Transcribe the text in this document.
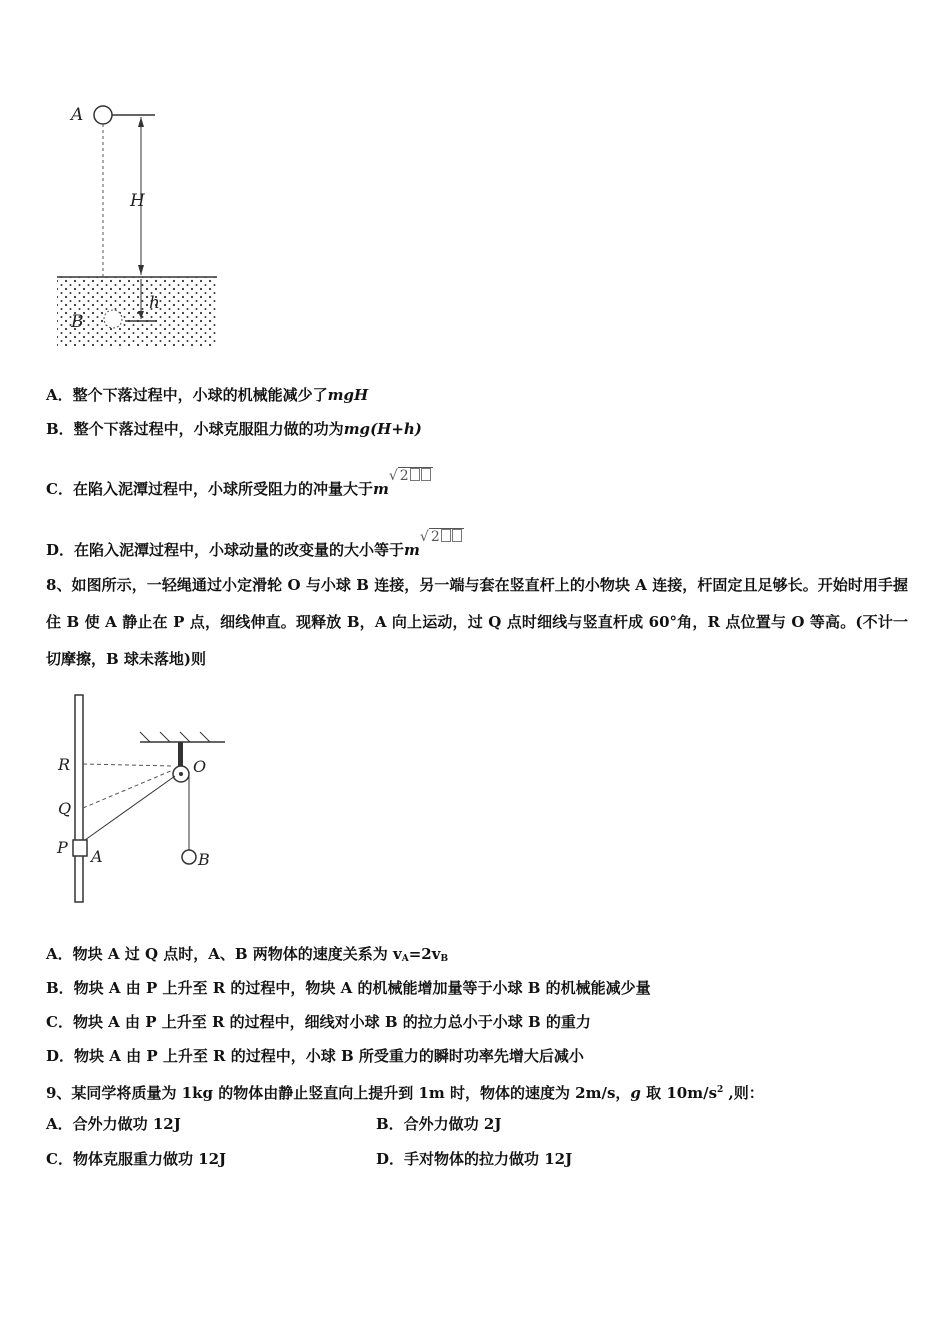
A
H
h
B
A．整个下落过程中，小球的机械能减少了mgH
B．整个下落过程中，小球克服阻力做的功为mg(H+h)
C．在陷入泥潭过程中，小球所受阻力的冲量大于m√ 2
D．在陷入泥潭过程中，小球动量的改变量的大小等于m√ 2
8、如图所示，一轻绳通过小定滑轮 O 与小球 B 连接，另一端与套在竖直杆上的小物块 A 连接，杆固定且足够长。开始时用手握住 B 使 A 静止在 P 点，细线伸直。现释放 B，A 向上运动，过 Q 点时细线与竖直杆成 60°角，R 点位置与 O 等高。(不计一切摩擦，B 球未落地)则
R
Q
P A
O
B
A．物块 A 过 Q 点时，A、B 两物体的速度关系为 $v_A=2v_B$
B．物块 A 由 P 上升至 R 的过程中，物块 A 的机械能增加量等于小球 B 的机械能减少量
C．物块 A 由 P 上升至 R 的过程中，细线对小球 B 的拉力总小于小球 B 的重力
D．物块 A 由 P 上升至 R 的过程中，小球 B 所受重力的瞬时功率先增大后减小
9、某同学将质量为 1kg 的物体由静止竖直向上提升到 1m 时，物体的速度为 2m/s，g 取 $10m/s^2$ ,则：
A．合外力做功 12J	B．合外力做功 2J
C．物体克服重力做功 12J	D．手对物体的拉力做功 12J
